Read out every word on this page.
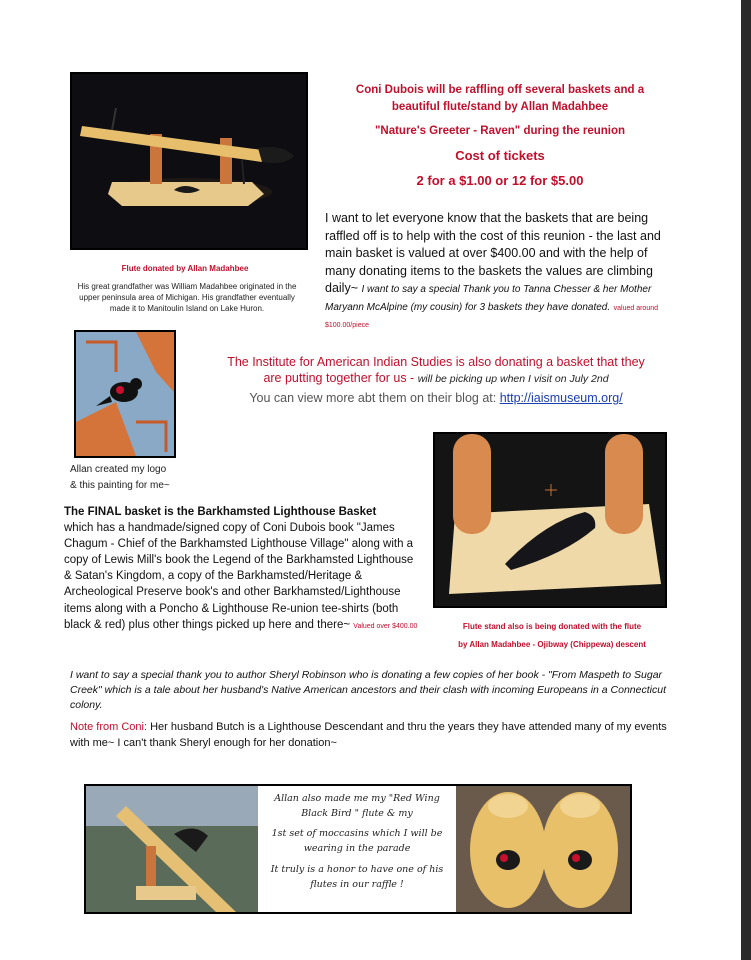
Flute donated by Allan Madahbee
His great grandfather was William Madahbee originated in the upper peninsula area of Michigan. His grandfather eventually made it to Manitoulin Island on Lake Huron.
Coni Dubois will be raffling off several baskets and a
beautiful flute/stand by Allan Madahbee
"Nature's Greeter - Raven" during the reunion
Cost of tickets
2 for a $1.00 or 12 for $5.00
I want to let everyone know that the baskets that are being raffled off is to help with the cost of this reunion - the last and main basket is valued at over $400.00 and with the help of many donating items to the baskets the values are climbing daily~ I want to say a special Thank you to Tanna Chesser & her Mother Maryann McAlpine (my cousin) for 3 baskets they have donated. valued around $100.00/piece
Allan created my logo
& this painting for me~
The Institute for American Indian Studies is also donating a basket that they
are putting together for us - will be picking up when I visit on July 2nd
You can view more abt them on their blog at: http://iaismuseum.org/
Flute stand also is being donated with the flute
by Allan Madahbee - Ojibway (Chippewa) descent
The FINAL basket is the Barkhamsted Lighthouse Basket
which has a handmade/signed copy of Coni Dubois book "James Chagum - Chief of the Barkhamsted Lighthouse Village" along with a copy of Lewis Mill's book the Legend of the Barkhamsted Lighthouse & Satan's Kingdom, a copy of the Barkhamsted/Heritage & Archeological Preserve book's and other Barkhamsted/Lighthouse items along with a Poncho & Lighthouse Re-union tee-shirts (both black & red) plus other things picked up here and there~ Valued over $400.00
I want to say a special thank you to author Sheryl Robinson who is donating a few copies of her book - "From Maspeth to Sugar Creek" which is a tale about her husband's Native American ancestors and their clash with incoming Europeans in a Connecticut colony.
Note from Coni: Her husband Butch is a Lighthouse Descendant and thru the years they have attended many of my events with me~ I can't thank Sheryl enough for her donation~
Allan also made me my "Red Wing Black Bird " flute & my
1st set of moccasins which I will be wearing in the parade
It truly is a honor to have one of his flutes in our raffle !
